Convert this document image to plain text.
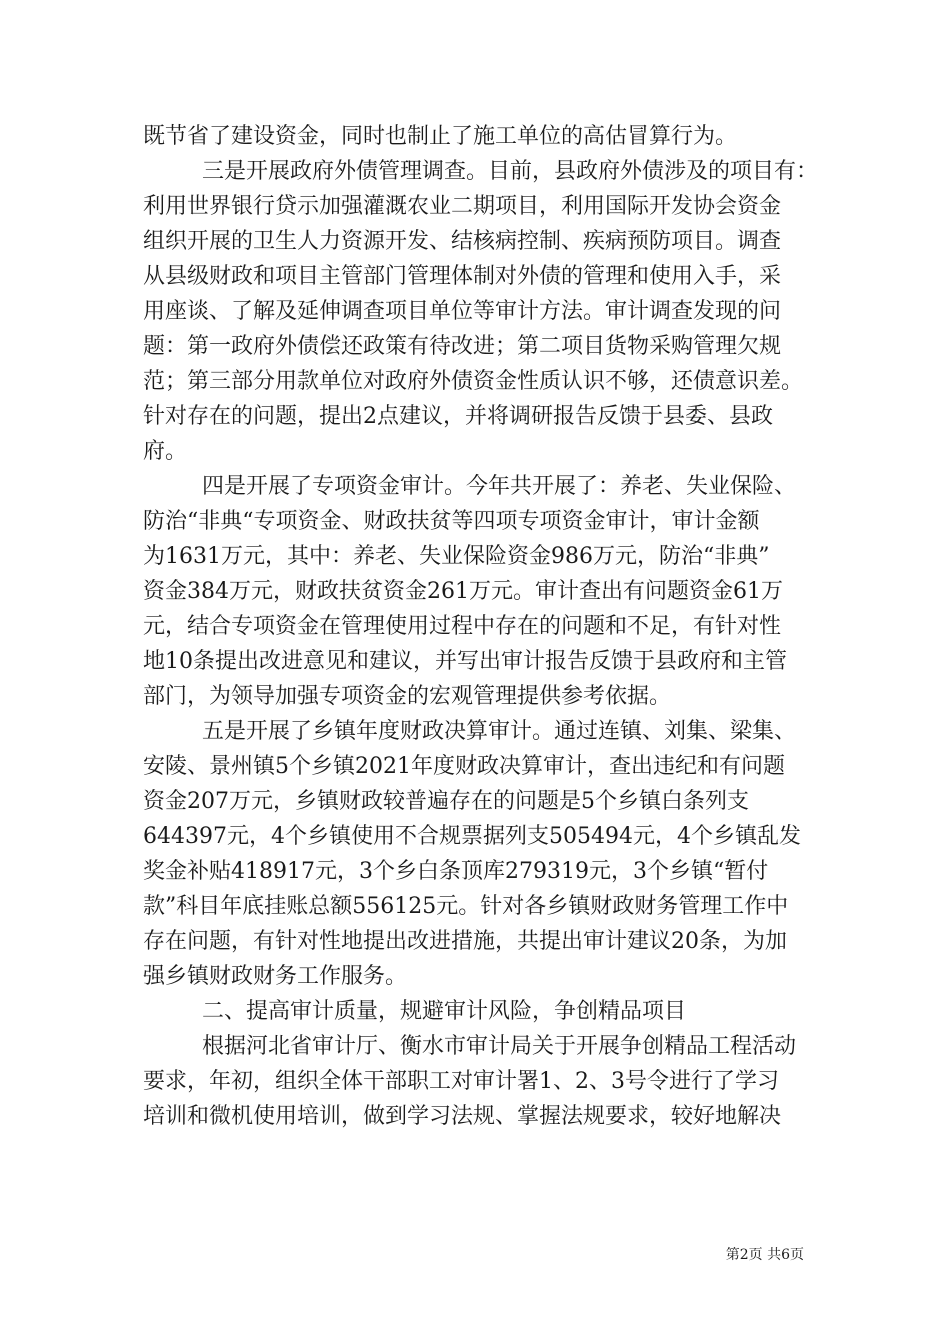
既节省了建设资金，同时也制止了施工单位的高估冒算行为。
三是开展政府外债管理调查。目前，县政府外债涉及的项目有：
利用世界银行贷示加强灌溉农业二期项目，利用国际开发协会资金
组织开展的卫生人力资源开发、结核病控制、疾病预防项目。调查
从县级财政和项目主管部门管理体制对外债的管理和使用入手，采
用座谈、了解及延伸调查项目单位等审计方法。审计调查发现的问
题：第一政府外债偿还政策有待改进；第二项目货物采购管理欠规
范；第三部分用款单位对政府外债资金性质认识不够，还债意识差。
针对存在的问题，提出2点建议，并将调研报告反馈于县委、县政
府。
四是开展了专项资金审计。今年共开展了：养老、失业保险、
防治“非典“专项资金、财政扶贫等四项专项资金审计，审计金额
为1631万元，其中：养老、失业保险资金986万元，防治“非典”
资金384万元，财政扶贫资金261万元。审计查出有问题资金61万
元，结合专项资金在管理使用过程中存在的问题和不足，有针对性
地10条提出改进意见和建议，并写出审计报告反馈于县政府和主管
部门，为领导加强专项资金的宏观管理提供参考依据。
五是开展了乡镇年度财政决算审计。通过连镇、刘集、梁集、
安陵、景州镇5个乡镇2021年度财政决算审计，查出违纪和有问题
资金207万元，乡镇财政较普遍存在的问题是5个乡镇白条列支
644397元，4个乡镇使用不合规票据列支505494元，4个乡镇乱发
奖金补贴418917元，3个乡白条顶库279319元，3个乡镇“暂付
款”科目年底挂账总额556125元。针对各乡镇财政财务管理工作中
存在问题，有针对性地提出改进措施，共提出审计建议20条，为加
强乡镇财政财务工作服务。
二、提高审计质量，规避审计风险，争创精品项目
根据河北省审计厅、衡水市审计局关于开展争创精品工程活动
要求，年初，组织全体干部职工对审计署1、2、3号令进行了学习
培训和微机使用培训，做到学习法规、掌握法规要求，较好地解决
第2页 共6页
